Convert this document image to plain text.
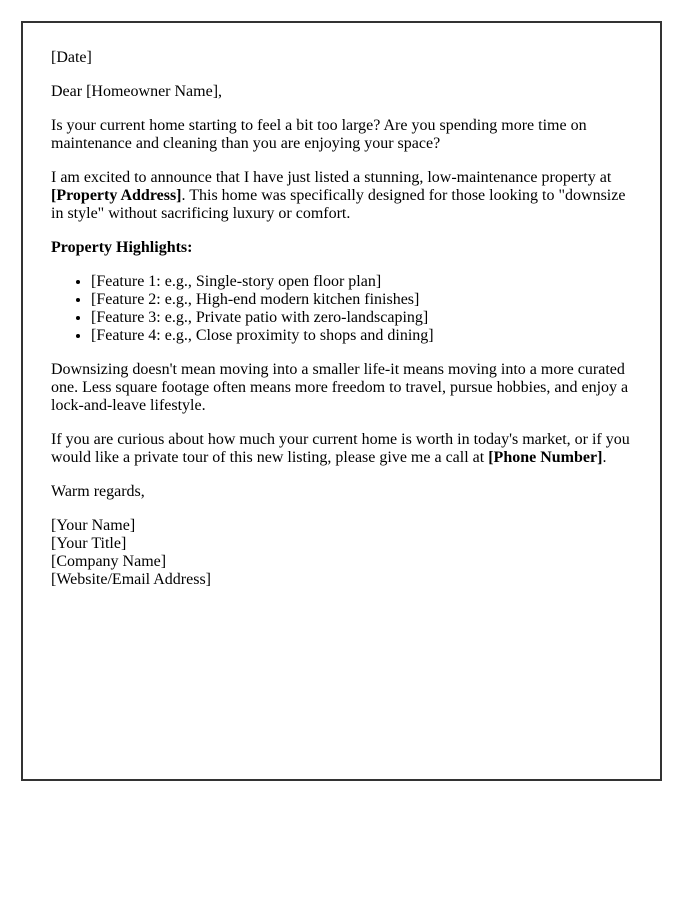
[Date]

Dear [Homeowner Name],

Is your current home starting to feel a bit too large? Are you spending more time on maintenance and cleaning than you are enjoying your space?

I am excited to announce that I have just listed a stunning, low-maintenance property at [Property Address]. This home was specifically designed for those looking to "downsize in style" without sacrificing luxury or comfort.

Property Highlights:

• [Feature 1: e.g., Single-story open floor plan]
• [Feature 2: e.g., High-end modern kitchen finishes]
• [Feature 3: e.g., Private patio with zero-landscaping]
• [Feature 4: e.g., Close proximity to shops and dining]

Downsizing doesn't mean moving into a smaller life-it means moving into a more curated one. Less square footage often means more freedom to travel, pursue hobbies, and enjoy a lock-and-leave lifestyle.

If you are curious about how much your current home is worth in today's market, or if you would like a private tour of this new listing, please give me a call at [Phone Number].

Warm regards,

[Your Name]
[Your Title]
[Company Name]
[Website/Email Address]
